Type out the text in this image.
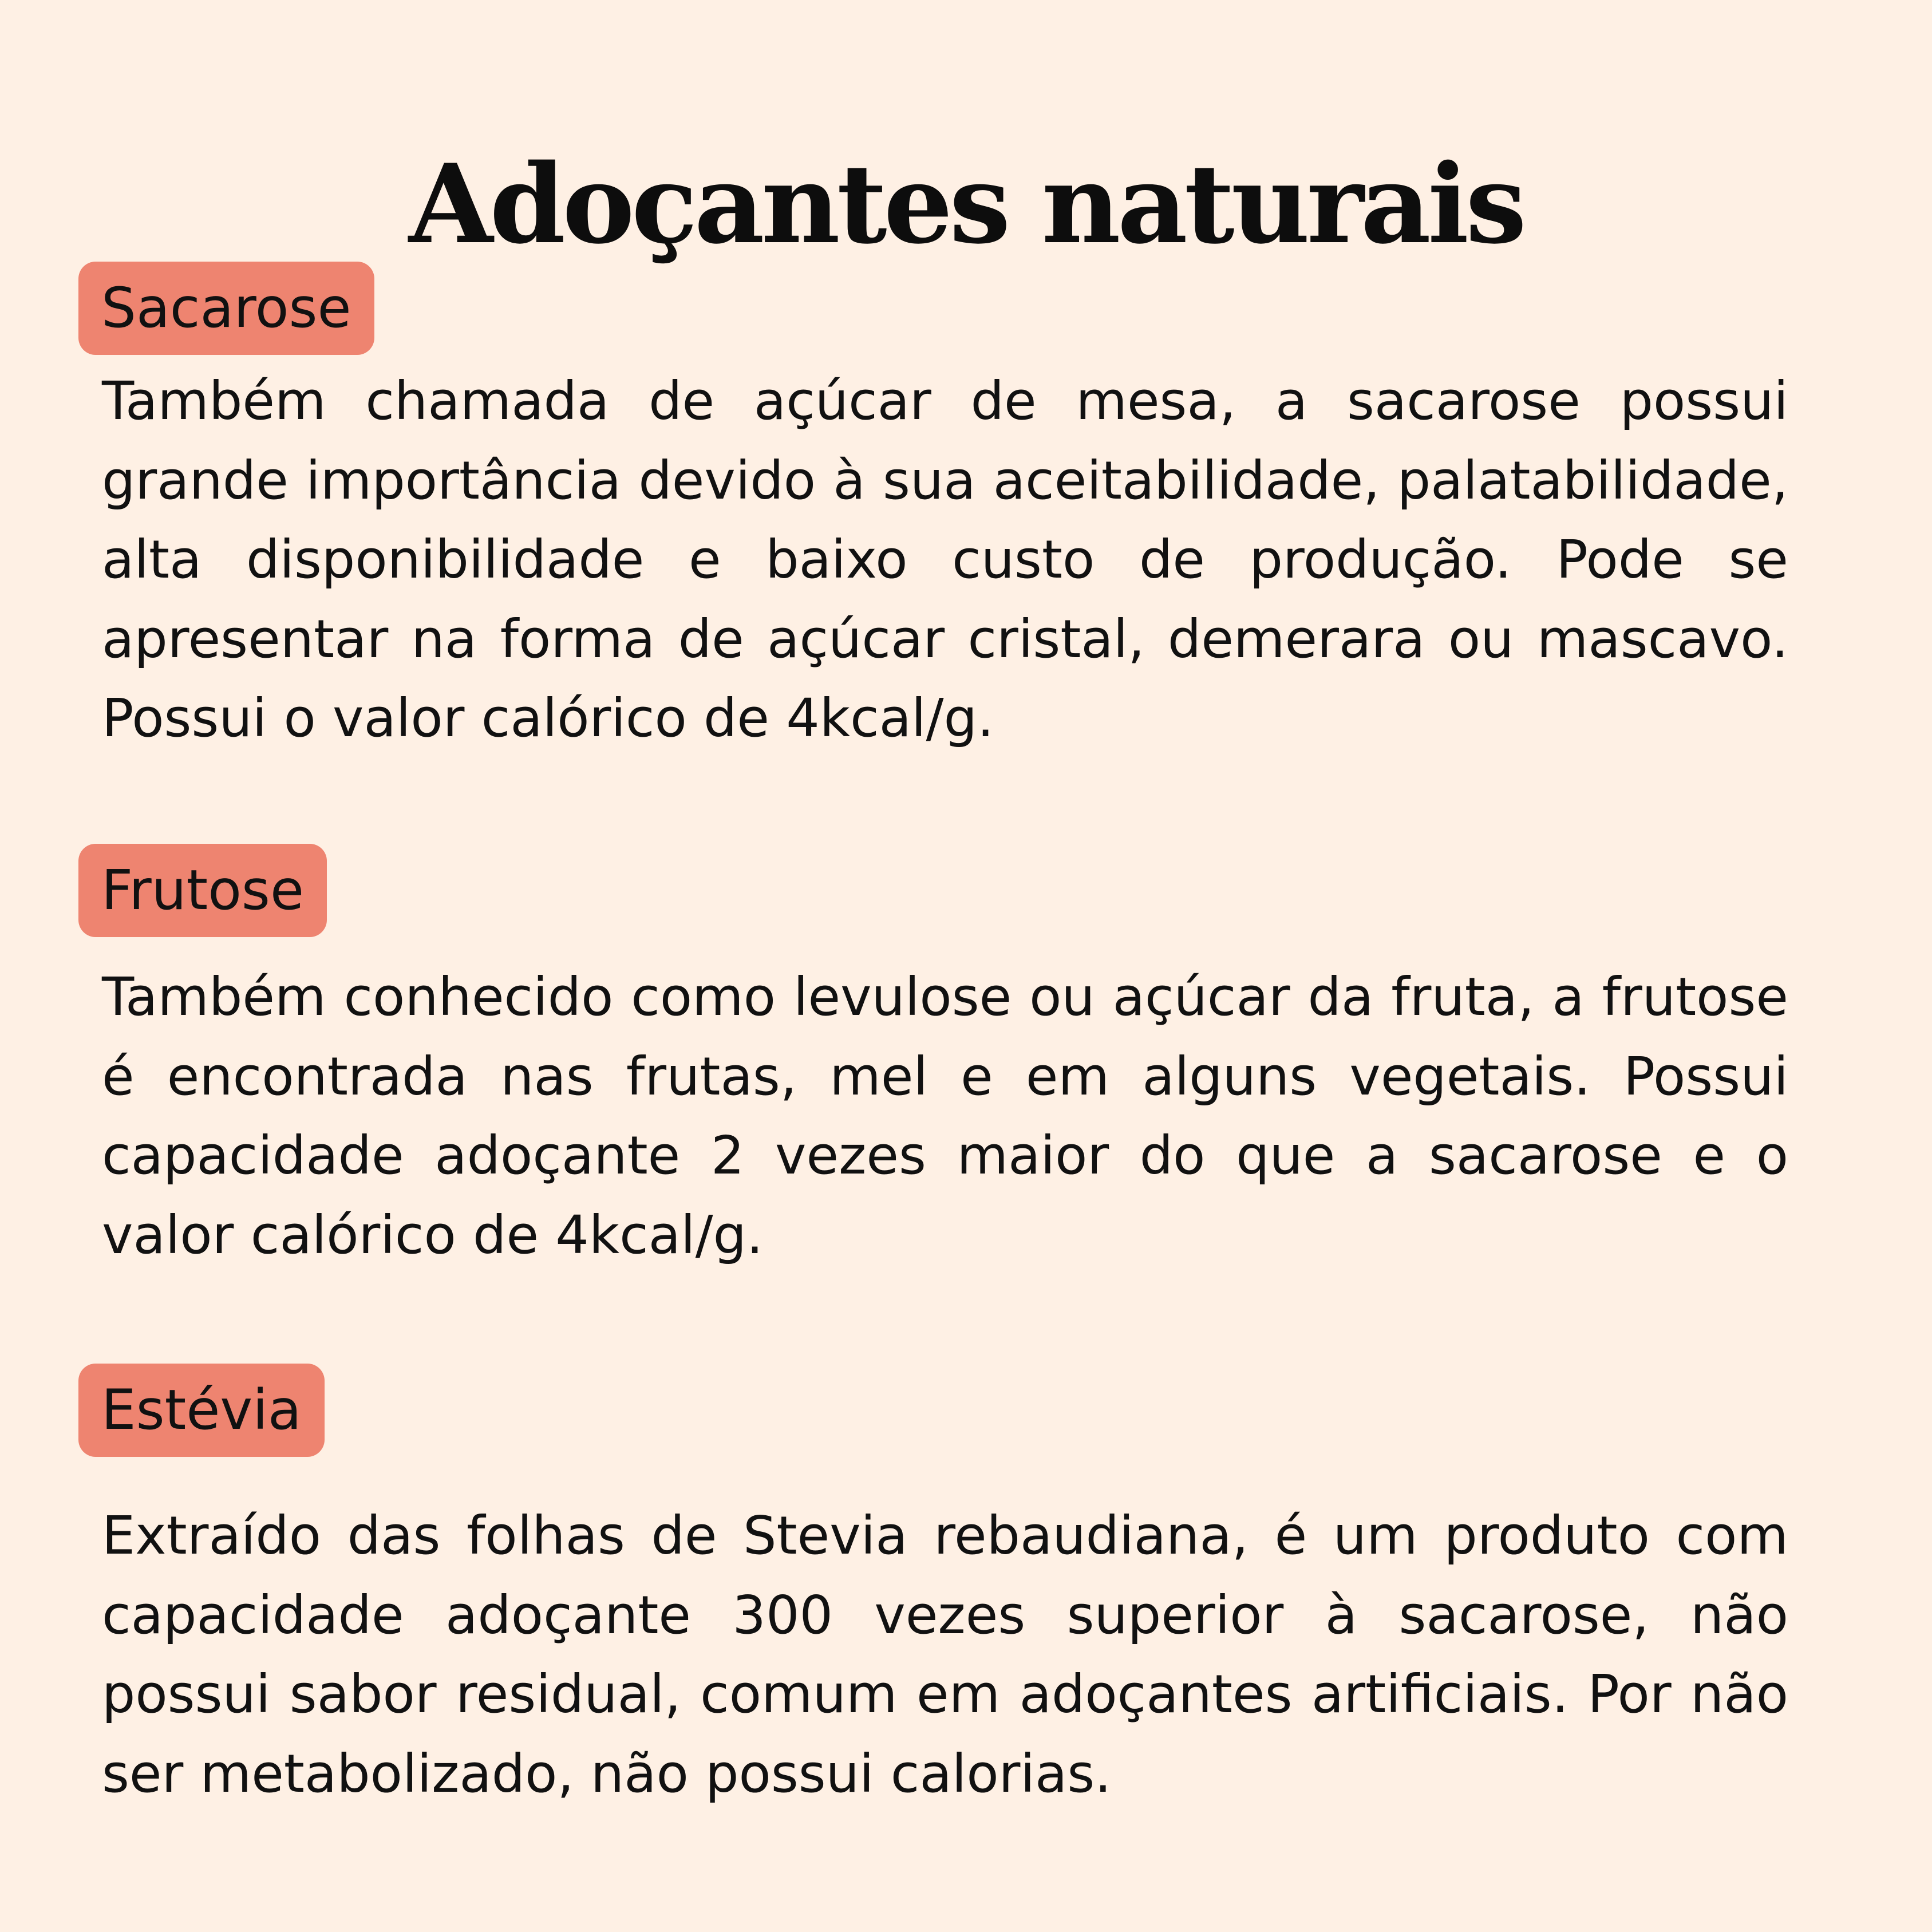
Adoçantes naturais
Sacarose

Também chamada de açúcar de mesa, a sacarose possui grande importância devido à sua aceitabilidade, palatabilidade, alta disponibilidade e baixo custo de produção. Pode se apresentar na forma de açúcar cristal, demerara ou mascavo. Possui o valor calórico de 4kcal/g.

Frutose

Também conhecido como levulose ou açúcar da fruta, a frutose é encontrada nas frutas, mel e em alguns vegetais. Possui capacidade adoçante 2 vezes maior do que a sacarose e o valor calórico de 4kcal/g.

Estévia

Extraído das folhas de Stevia rebaudiana, é um produto com capacidade adoçante 300 vezes superior à sacarose, não possui sabor residual, comum em adoçantes artificiais. Por não ser metabolizado, não possui calorias.
